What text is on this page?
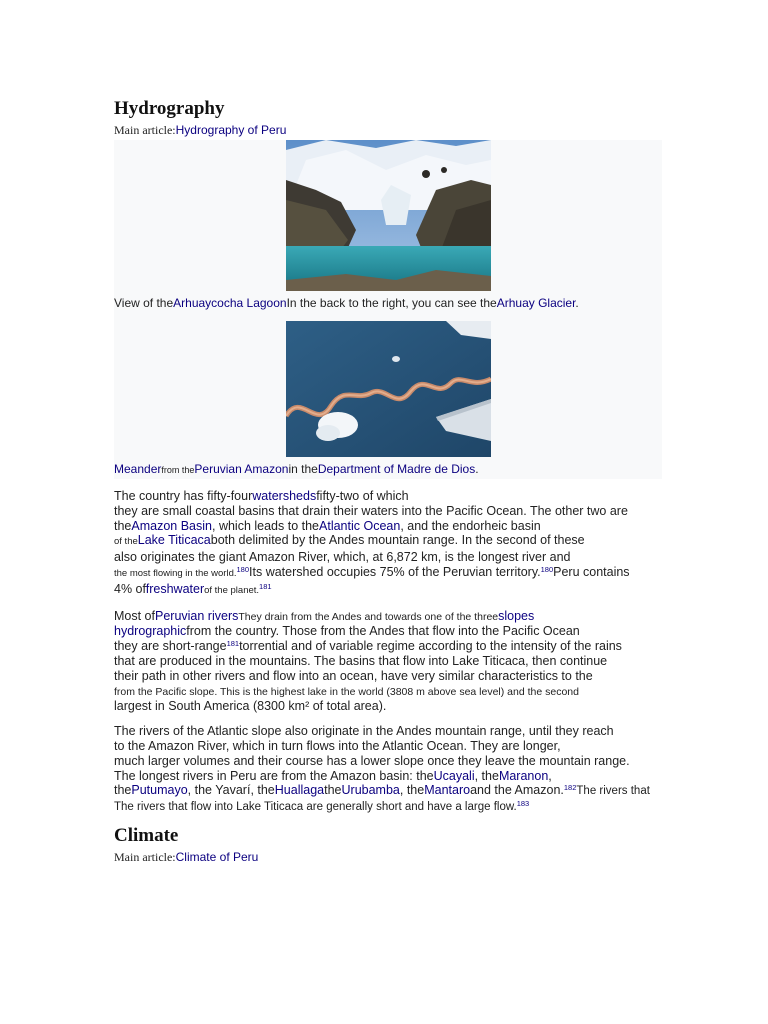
Hydrography
Main article:Hydrography of Peru
View of theArhuaycocha LagoonIn the back to the right, you can see theArhuay Glacier.
Meanderfrom thePeruvian Amazonin theDepartment of Madre de Dios.

The country has fifty-fourwatershedsfifty-two of which
they are small coastal basins that drain their waters into the Pacific Ocean. The other two are
theAmazon Basin, which leads to theAtlantic Ocean, and the endorheic basin
of theLake Titicacaboth delimited by the Andes mountain range. In the second of these
also originates the giant Amazon River, which, at 6,872 km, is the longest river and
the most flowing in the world.$^{180}$Its watershed occupies 75% of the Peruvian territory.$^{180}$Peru contains
4% offreshwaterof the planet.$^{181}$

Most ofPeruvian riversThey drain from the Andes and towards one of the threeslopes
hydrographicfrom the country. Those from the Andes that flow into the Pacific Ocean
they are short-range$^{181}$torrential and of variable regime according to the intensity of the rains
that are produced in the mountains. The basins that flow into Lake Titicaca, then continue
their path in other rivers and flow into an ocean, have very similar characteristics to the
from the Pacific slope. This is the highest lake in the world (3808 m above sea level) and the second
largest in South America (8300 km² of total area).

The rivers of the Atlantic slope also originate in the Andes mountain range, until they reach
to the Amazon River, which in turn flows into the Atlantic Ocean. They are longer,
much larger volumes and their course has a lower slope once they leave the mountain range.
The longest rivers in Peru are from the Amazon basin: theUcayali, theMaranon,
thePutumayo, the Yavarí, theHuallagatheUrubamba, theMantaroand the Amazon.$^{182}$The rivers that
The rivers that flow into Lake Titicaca are generally short and have a large flow.$^{183}$

Climate
Main article:Climate of Peru
